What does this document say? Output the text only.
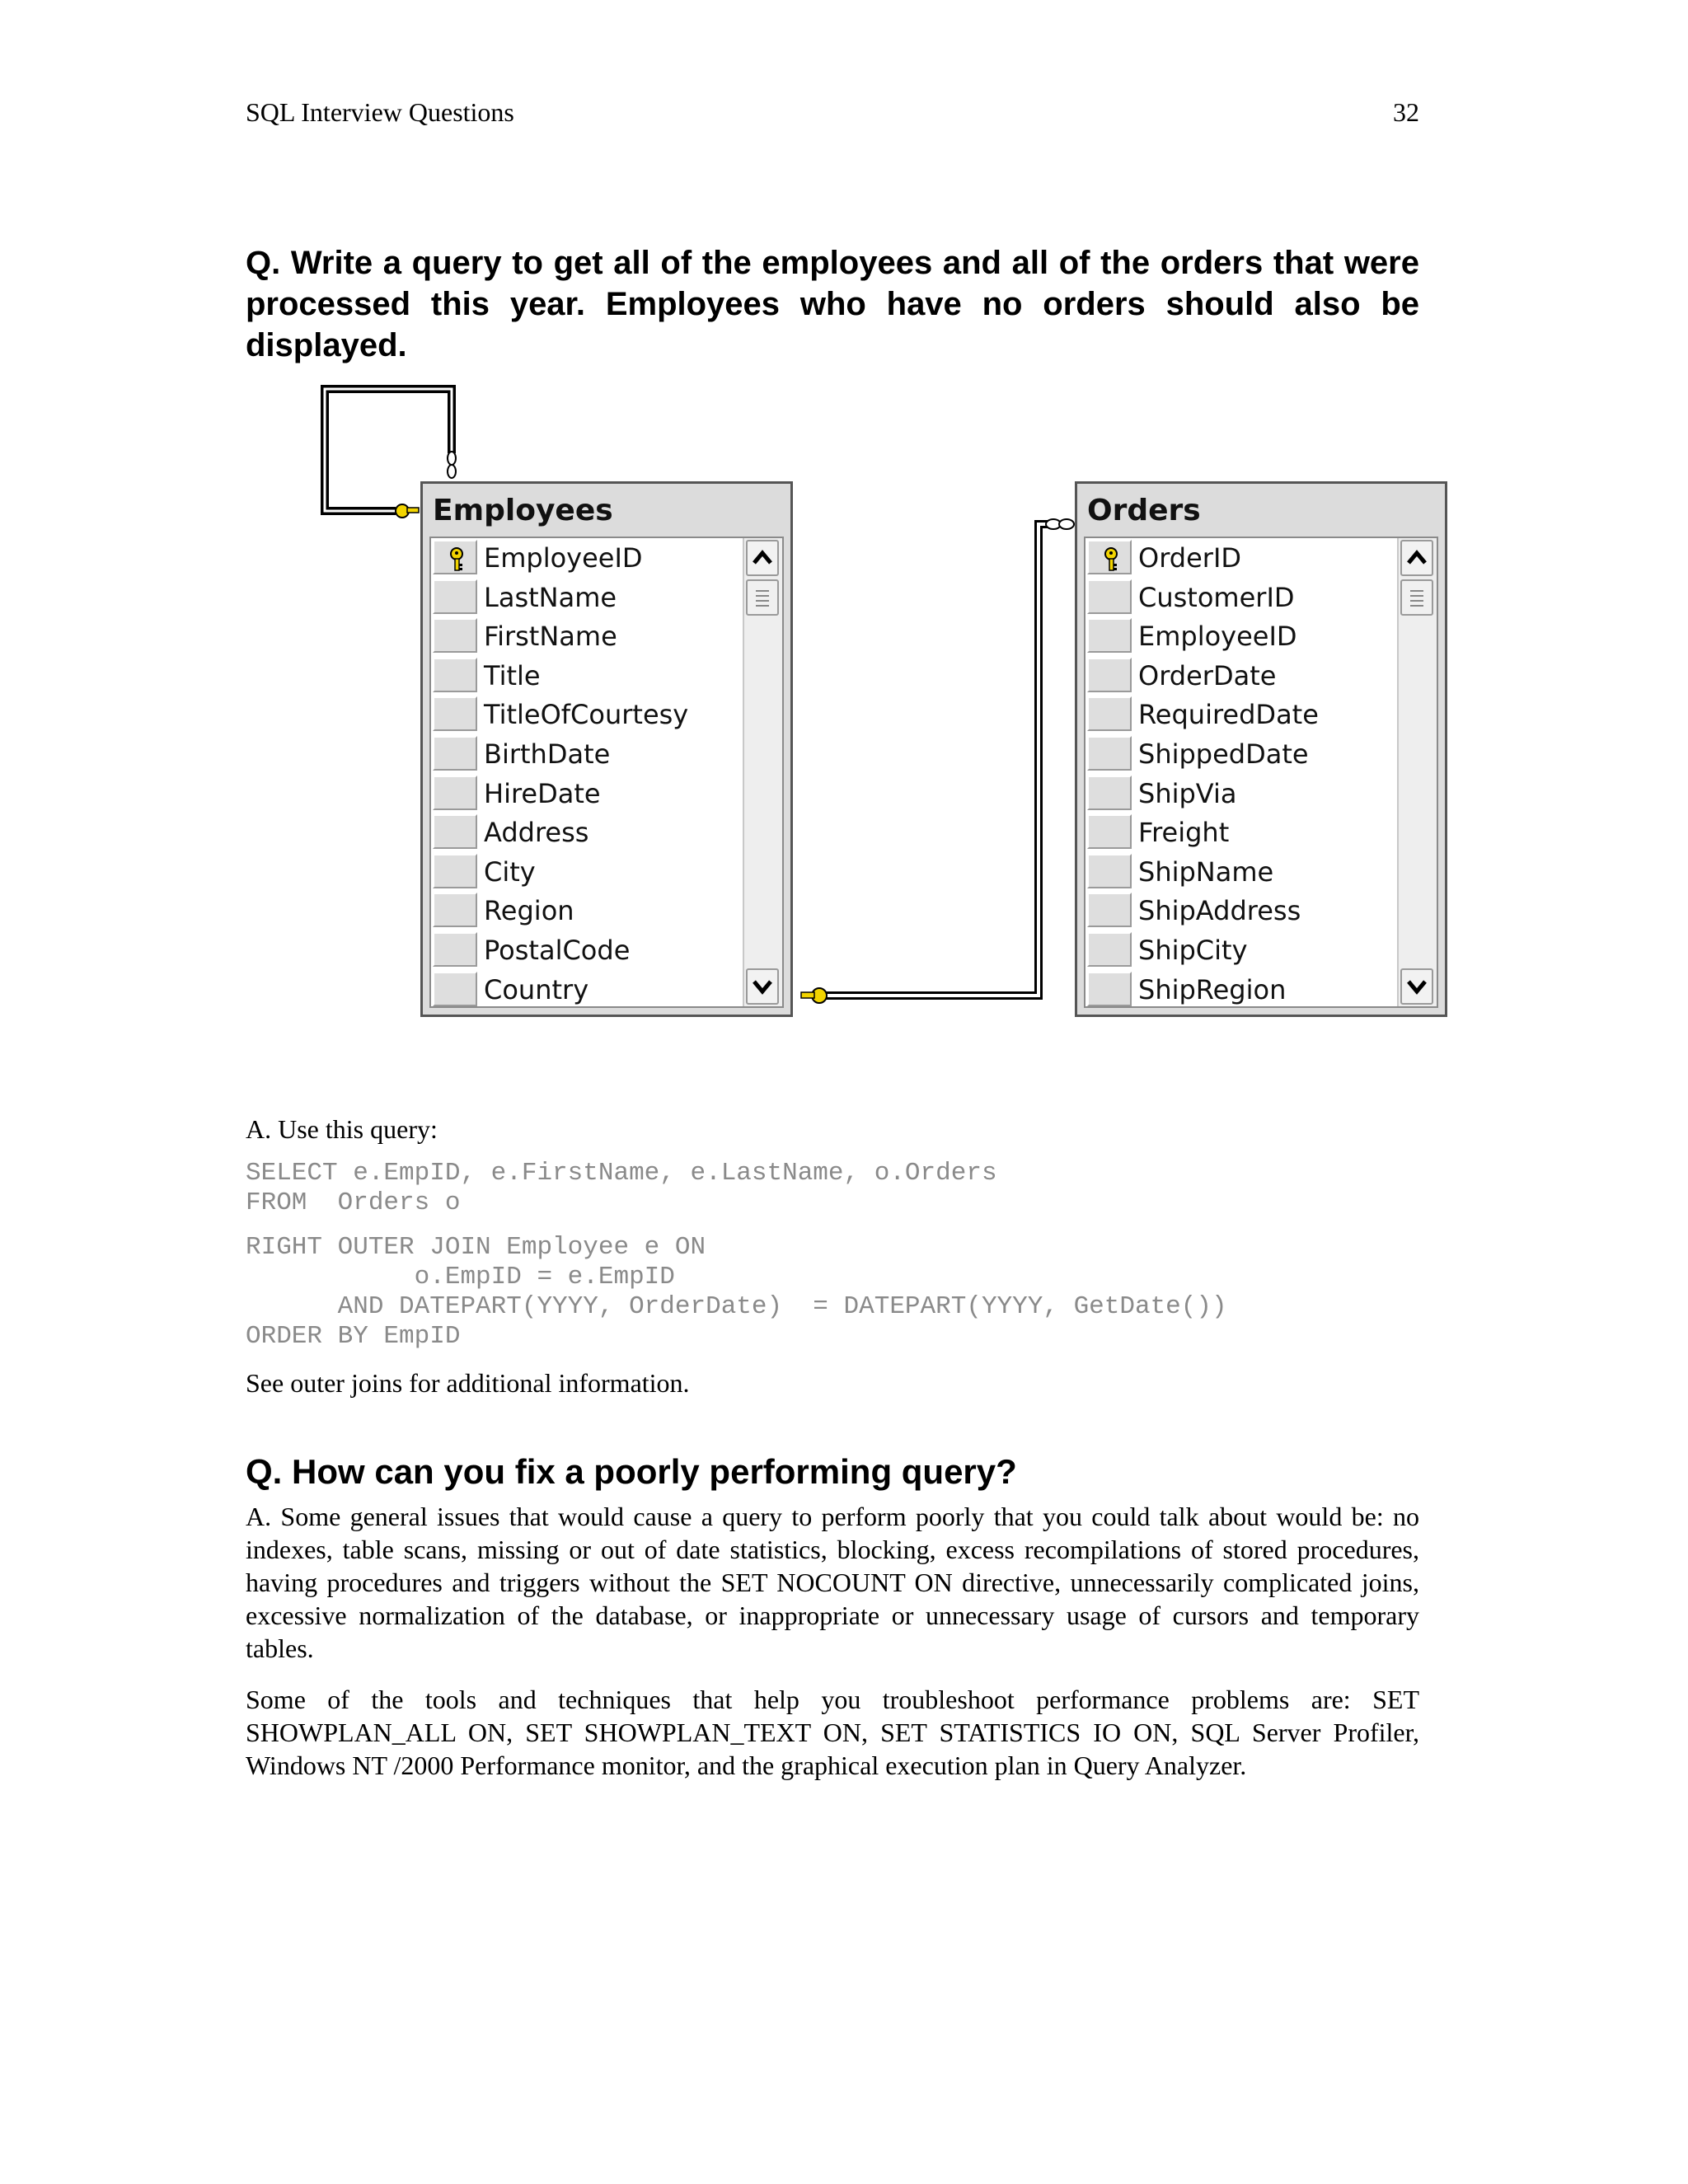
SQL Interview Questions	32

Q. Write a query to get all of the employees and all of the orders that were processed this year. Employees who have no orders should also be displayed.

Employees
Country
PostalCode
Region
City
Address
HireDate
BirthDate
TitleOfCourtesy
Title
FirstName
LastName
EmployeeID
Orders
ShipRegion
ShipCity
ShipAddress
ShipName
Freight
ShipVia
ShippedDate
RequiredDate
OrderDate
EmployeeID
CustomerID
OrderID
A. Use this query:
SELECT e.EmpID, e.FirstName, e.LastName, o.Orders
FROM  Orders o
RIGHT OUTER JOIN Employee e ON
o.EmpID = e.EmpID
AND DATEPART(YYYY, OrderDate)  = DATEPART(YYYY, GetDate())
ORDER BY EmpID
See outer joins for additional information.
Q. How can you fix a poorly performing query?

A. Some general issues that would cause a query to perform poorly that you could talk about would be: no indexes, table scans, missing or out of date statistics, blocking, excess recompilations of stored procedures, having procedures and triggers without the SET NOCOUNT ON directive, unnecessarily complicated joins, excessive normalization of the database, or inappropriate or unnecessary usage of cursors and temporary tables.

Some of the tools and techniques that help you troubleshoot performance problems are: SET SHOWPLAN_ALL ON, SET SHOWPLAN_TEXT ON, SET STATISTICS IO ON, SQL Server Profiler, Windows NT /2000 Performance monitor, and the graphical execution plan in Query Analyzer.
